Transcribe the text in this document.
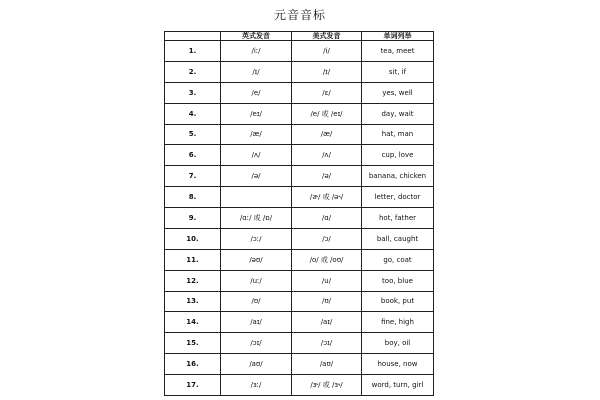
元音音标
	英式发音	美式发音	单词列举
1.	/iː/	/i/	tea, meet
2.	/ɪ/	/ɪ/	sit, if
3.	/e/	/ɛ/	yes, well
4.	/eɪ/	/e/ 或 /eɪ/	day, wait
5.	/æ/	/æ/	hat, man
6.	/ʌ/	/ʌ/	cup, love
7.	/ə/	/ə/	banana, chicken
8.		/ɚ/ 或 /ə˞/	letter, doctor
9.	/ɑː/ 或 /ɒ/	/ɑ/	hot, father
10.	/ɔː/	/ɔ/	ball, caught
11.	/əʊ/	/o/ 或 /oʊ/	go, coat
12.	/uː/	/u/	too, blue
13.	/ʊ/	/ʊ/	book, put
14.	/aɪ/	/aɪ/	fine, high
15.	/ɔɪ/	/ɔɪ/	boy, oil
16.	/aʊ/	/aʊ/	house, now
17.	/ɜː/	/ɝ/ 或 /ɜ˞/	word, turn, girl
